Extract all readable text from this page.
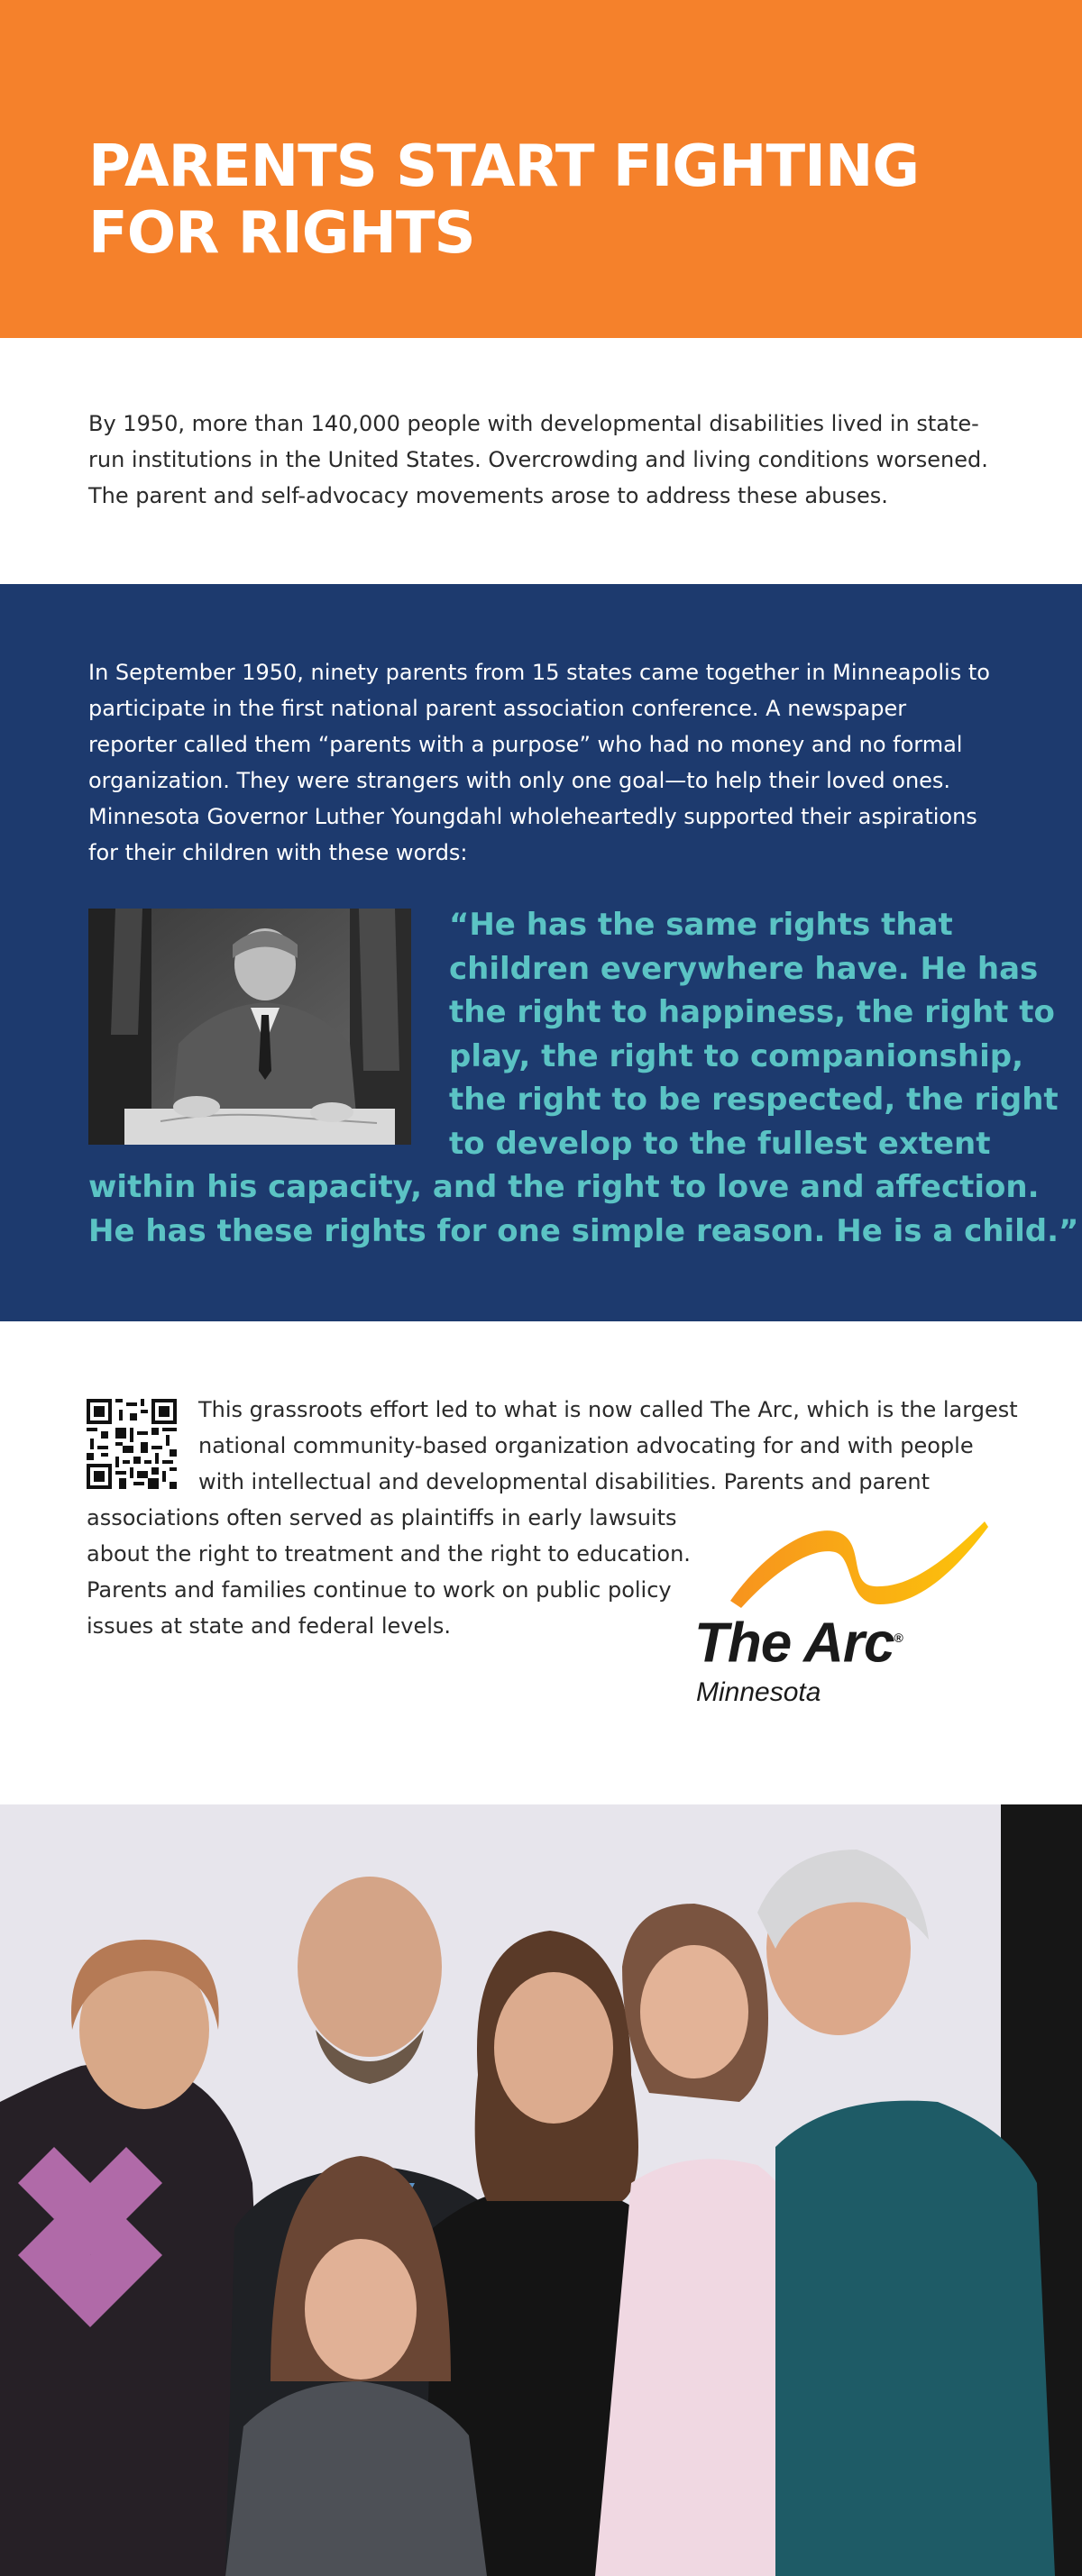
PARENTS START FIGHTING
FOR RIGHTS

By 1950, more than 140,000 people with developmental disabilities lived in state-run institutions in the United States. Overcrowding and living conditions worsened. The parent and self-advocacy movements arose to address these abuses.

In September 1950, ninety parents from 15 states came together in Minneapolis to participate in the first national parent association conference. A newspaper reporter called them “parents with a purpose” who had no money and no formal organization. They were strangers with only one goal—to help their loved ones. Minnesota Governor Luther Youngdahl wholeheartedly supported their aspirations for their children with these words:

“He has the same rights that
children everywhere have. He has
the right to happiness, the right to
play, the right to companionship,
the right to be respected, the right
to develop to the fullest extent
within his capacity, and the right to love and affection.
He has these rights for one simple reason. He is a child.”

This grassroots effort led to what is now called The Arc, which is the largest
national community-based organization advocating for and with people
with intellectual and developmental disabilities. Parents and parent
associations often served as plaintiffs in early lawsuits
about the right to treatment and the right to education.
Parents and families continue to work on public policy
issues at state and federal levels.	The Arc®

Minnesota
